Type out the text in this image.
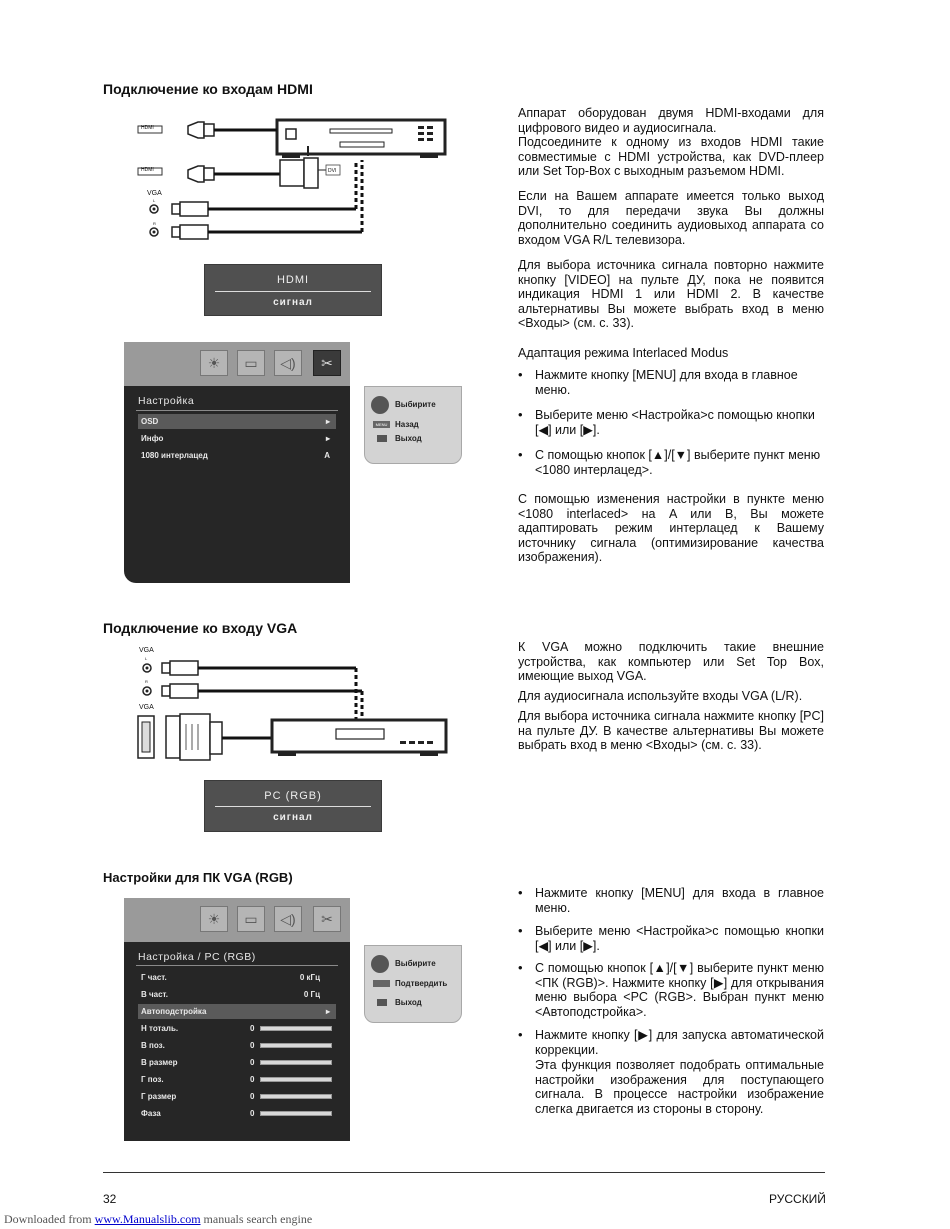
Подключение ко входам HDMI
HDMI
HDMI
VGA
L
R
DVI
HDMI
сигнал

Аппарат оборудован двумя HDMI-входами для цифрового видео и аудиосигнала.

Подсоедините к одному из входов HDMI такие совместимые с HDMI устройства, как DVD-плеер или Set Top-Box с выходным разъемом HDMI.

Если на Вашем аппарате имеется только выход DVI, то для передачи звука Вы должны дополнительно соединить аудиовыход аппарата со входом VGA R/L телевизора.

Для выбора источника сигнала повторно нажмите кнопку [VIDEO] на пульте ДУ, пока не появится индикация HDMI 1 или HDMI 2. В качестве альтернативы Вы можете выбрать вход в меню <Входы> (см. с. 33).

Адаптация режима Interlaced Modus

• Нажмите кнопку [MENU] для входа в главное меню.

• Выберите меню <Настройка>с помощью кнопки [◀] или [▶].

• С помощью кнопок [▲]/[▼] выберите пункт меню <1080 интерлацед>.

С помощью изменения настройки в пункте меню <1080 interlaced> на A или B, Вы можете адаптировать режим интерлацед к Вашему источнику сигнала (оптимизирование качества изображения).

☀	▭	◁)	✂
Настройка
OSD	▸
Инфо	▸
1080 интерлацед	A
Выбирите
MENU Назад
Выход
Подключение ко входу VGA
VGA
L
R
VGA
PC (RGB)
сигнал

К VGA можно подключить такие внешние устройства, как компьютер или Set Top Box, имеющие выход VGA.

Для аудиосигнала используйте входы VGA (L/R).

Для выбора источника сигнала нажмите кнопку [PC] на пульте ДУ. В качестве альтернативы Вы можете выбрать вход в меню <Входы> (см. с. 33).

Настройки для ПК VGA (RGB)
☀	▭	◁)	✂
Настройка / PC (RGB)
Г част.	0 кГц
В част.	0 Гц
Автоподстройка	▸
Н тоталь.	0
В поз.	0
В размер	0
Г поз.	0
Г размер	0
Фаза	0
Выбирите
Подтвердить
Выход

• Нажмите кнопку [MENU] для входа в главное меню.

• Выберите меню <Настройка>с помощью кнопки [◀] или [▶].

• С помощью кнопок [▲]/[▼] выберите пункт меню <ПК (RGB)>. Нажмите кнопку [▶] для открывания меню выбора <PC (RGB>. Выбран пункт меню <Автоподстройка>.

• Нажмите кнопку [▶] для запуска автоматической коррекции.

Эта функция позволяет подобрать оптимальные настройки изображения для поступающего сигнала. В процессе настройки изображение слегка двигается из стороны в сторону.

32	РУССКИЙ
Downloaded from www.Manualslib.com manuals search engine
